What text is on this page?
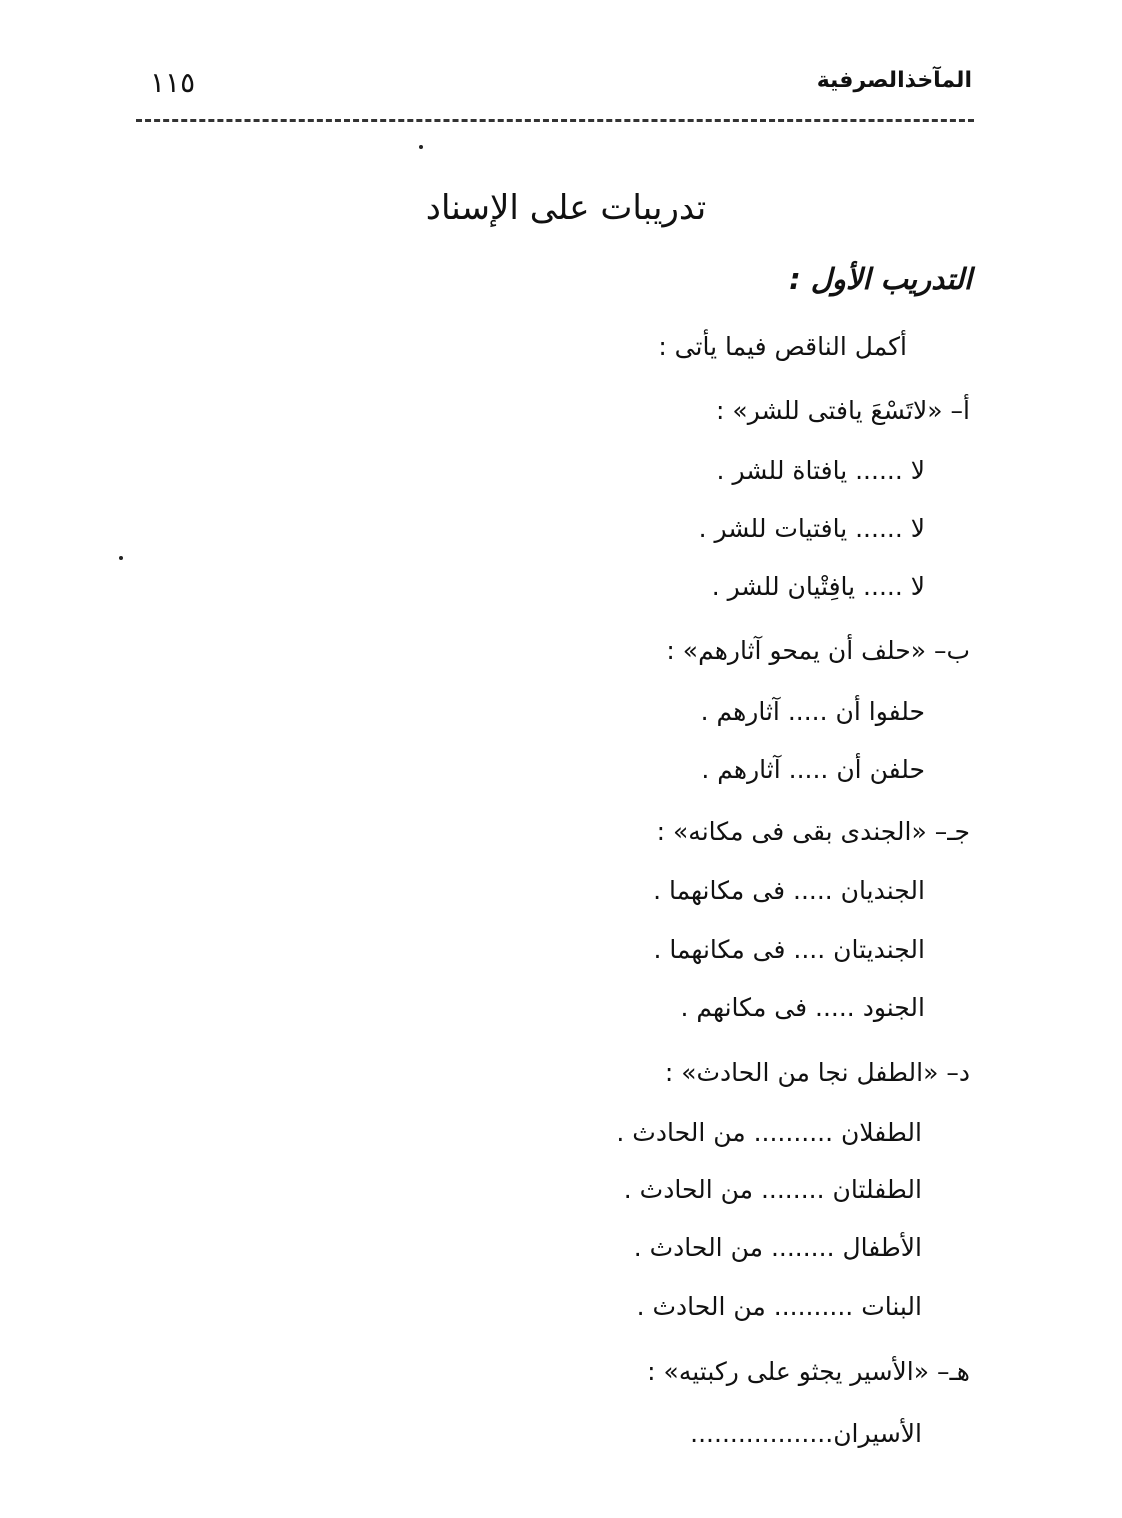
المآخذالصرفية
١١٥
تدريبات على الإسناد
التدريب الأول :
أكمل الناقص فيما يأتى :
أ– «لاتَسْعَ يافتى للشر» :
لا ...... يافتاة للشر .
لا ...... يافتيات للشر .
لا ..... يافِتْيان للشر .
ب– «حلف أن يمحو آثارهم» :
حلفوا أن ..... آثارهم .
حلفن أن ..... آثارهم .
جـ– «الجندى بقى فى مكانه» :
الجنديان ..... فى مكانهما .
الجنديتان .... فى مكانهما .
الجنود ..... فى مكانهم .
د– «الطفل نجا من الحادث» :
الطفلان .......... من الحادث .
الطفلتان ........ من الحادث .
الأطفال ........ من الحادث .
البنات .......... من الحادث .
هـ– «الأسير يجثو على ركبتيه» :
الأسيران..................
